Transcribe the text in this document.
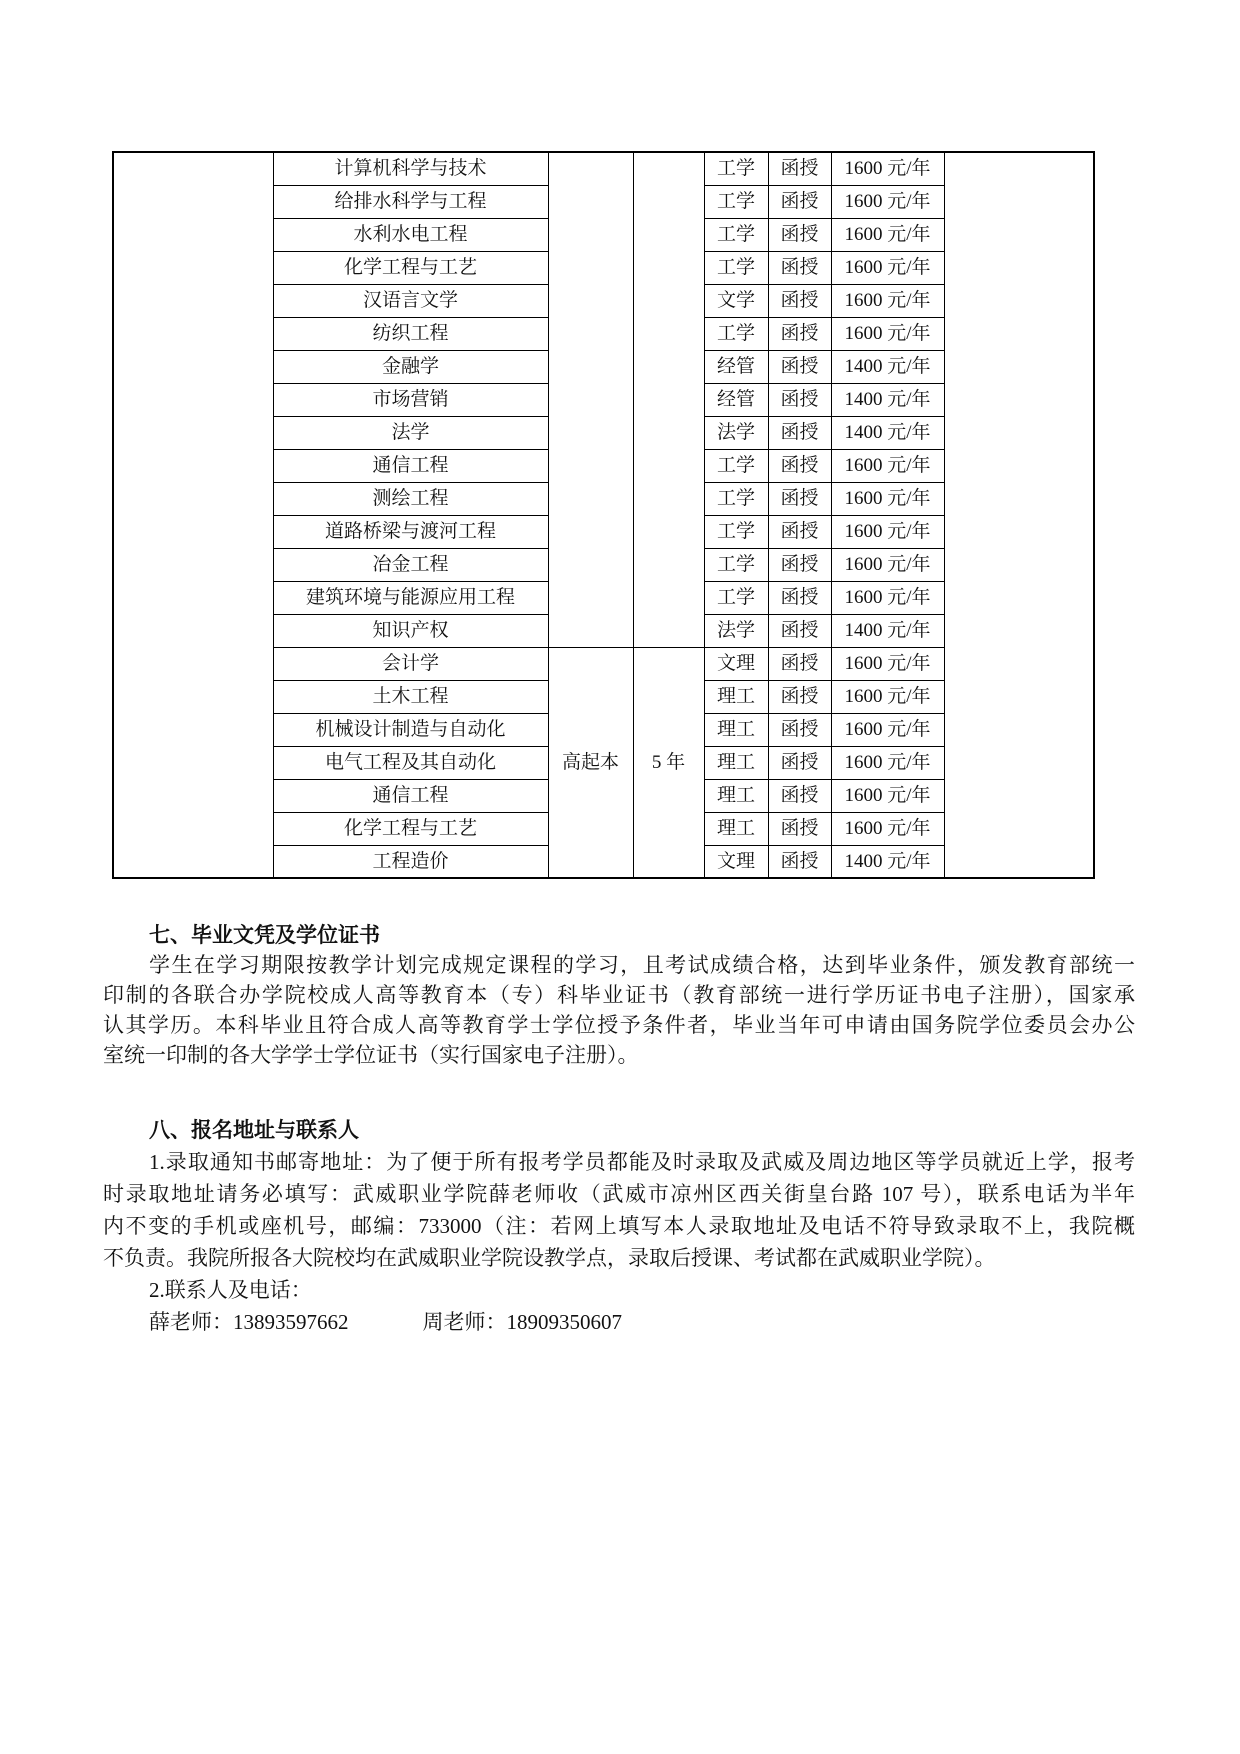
	计算机科学与技术			工学	函授	1600 元/年	
	给排水科学与工程			工学	函授	1600 元/年	
	水利水电工程			工学	函授	1600 元/年	
	化学工程与工艺			工学	函授	1600 元/年	
	汉语言文学			文学	函授	1600 元/年	
	纺织工程			工学	函授	1600 元/年	
	金融学			经管	函授	1400 元/年	
	市场营销			经管	函授	1400 元/年	
	法学			法学	函授	1400 元/年	
	通信工程			工学	函授	1600 元/年	
	测绘工程			工学	函授	1600 元/年	
	道路桥梁与渡河工程			工学	函授	1600 元/年	
	冶金工程			工学	函授	1600 元/年	
	建筑环境与能源应用工程			工学	函授	1600 元/年	
	知识产权			法学	函授	1400 元/年	
	会计学	高起本	5 年	文理	函授	1600 元/年	
	土木工程			理工	函授	1600 元/年	
	机械设计制造与自动化			理工	函授	1600 元/年	
	电气工程及其自动化			理工	函授	1600 元/年	
	通信工程			理工	函授	1600 元/年	
	化学工程与工艺			理工	函授	1600 元/年	
	工程造价			文理	函授	1400 元/年	
七、毕业文凭及学位证书
学生在学习期限按教学计划完成规定课程的学习，且考试成绩合格，达到毕业条件，颁发教育部统一
印制的各联合办学院校成人高等教育本（专）科毕业证书（教育部统一进行学历证书电子注册），国家承
认其学历。本科毕业且符合成人高等教育学士学位授予条件者，毕业当年可申请由国务院学位委员会办公
室统一印制的各大学学士学位证书（实行国家电子注册）。
八、报名地址与联系人
1.录取通知书邮寄地址：为了便于所有报考学员都能及时录取及武威及周边地区等学员就近上学，报考
时录取地址请务必填写：武威职业学院薛老师收（武威市凉州区西关街皇台路 107 号），联系电话为半年
内不变的手机或座机号，邮编：733000（注：若网上填写本人录取地址及电话不符导致录取不上，我院概
不负责。我院所报各大院校均在武威职业学院设教学点，录取后授课、考试都在武威职业学院）。
2.联系人及电话：
薛老师：13893597662	周老师：18909350607
